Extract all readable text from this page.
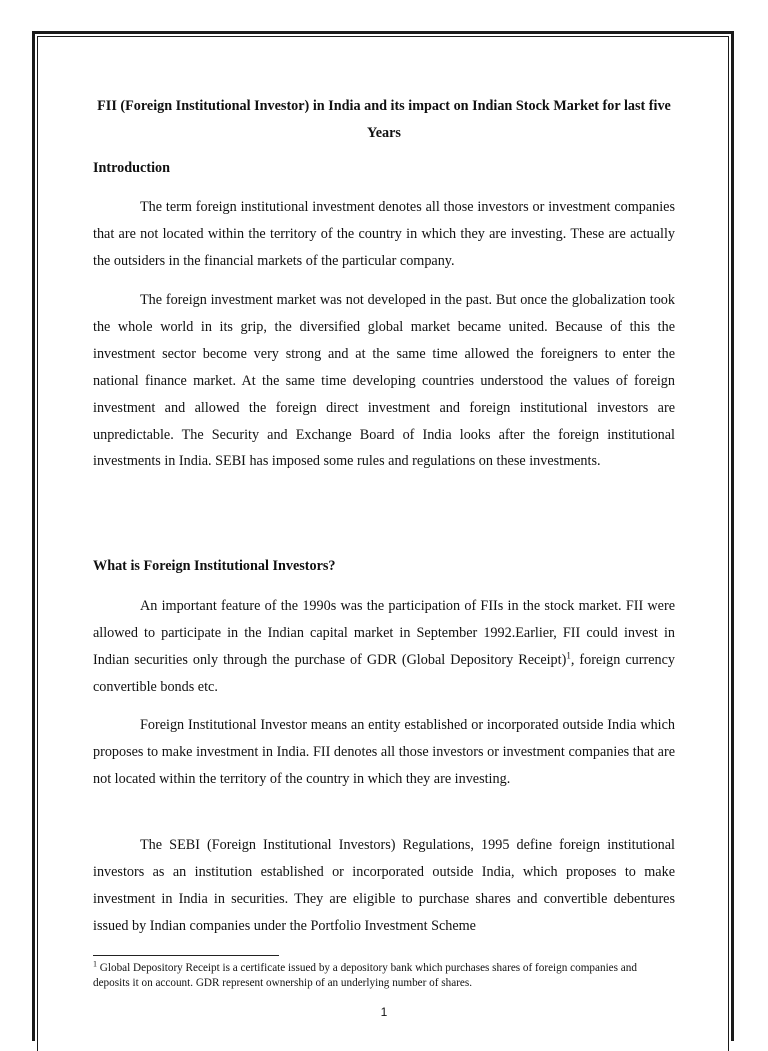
FII (Foreign Institutional Investor) in India and its impact on Indian Stock Market for last five Years

Introduction

The term foreign institutional investment denotes all those investors or investment companies that are not located within the territory of the country in which they are investing. These are actually the outsiders in the financial markets of the particular company.

The foreign investment market was not developed in the past. But once the globalization took the whole world in its grip, the diversified global market became united. Because of this the investment sector become very strong and at the same time allowed the foreigners to enter the national finance market. At the same time developing countries understood the values of foreign investment and allowed the foreign direct investment and foreign institutional investors are unpredictable. The Security and Exchange Board of India looks after the foreign institutional investments in India. SEBI has imposed some rules and regulations on these investments.

What is Foreign Institutional Investors?

An important feature of the 1990s was the participation of FIIs in the stock market. FII were allowed to participate in the Indian capital market in September 1992.Earlier, FII could invest in Indian securities only through the purchase of GDR (Global Depository Receipt)$^1$, foreign currency convertible bonds etc.

Foreign Institutional Investor means an entity established or incorporated outside India which proposes to make investment in India. FII denotes all those investors or investment companies that are not located within the territory of the country in which they are investing.

The SEBI (Foreign Institutional Investors) Regulations, 1995 define foreign institutional investors as an institution established or incorporated outside India, which proposes to make investment in India in securities. They are eligible to purchase shares and convertible debentures issued by Indian companies under the Portfolio Investment Scheme

$^1$ Global Depository Receipt is a certificate issued by a depository bank which purchases shares of foreign companies and deposits it on account. GDR represent ownership of an underlying number of shares.

1
